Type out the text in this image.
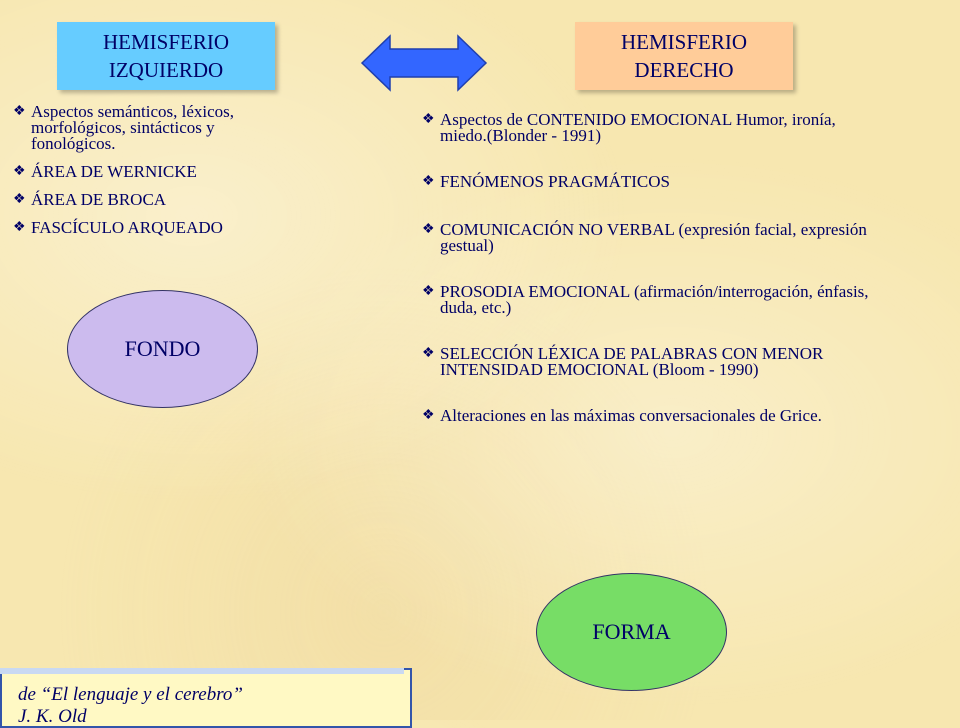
HEMISFERIO
IZQUIERDO
HEMISFERIO
DERECHO
❖ Aspectos semánticos, léxicos, morfológicos, sintácticos y fonológicos.
❖ ÁREA DE WERNICKE
❖ ÁREA DE BROCA
❖ FASCÍCULO ARQUEADO
❖ Aspectos de CONTENIDO EMOCIONAL Humor, ironía, miedo.(Blonder - 1991)
❖ FENÓMENOS PRAGMÁTICOS
❖ COMUNICACIÓN NO VERBAL (expresión facial, expresión gestual)
❖ PROSODIA EMOCIONAL (afirmación/interrogación, énfasis, duda, etc.)
❖ SELECCIÓN LÉXICA DE PALABRAS CON MENOR INTENSIDAD EMOCIONAL (Bloom - 1990)
❖ Alteraciones en las máximas conversacionales de Grice.
FONDO
FORMA
de “El lenguaje y el cerebro”
J. K. Old
